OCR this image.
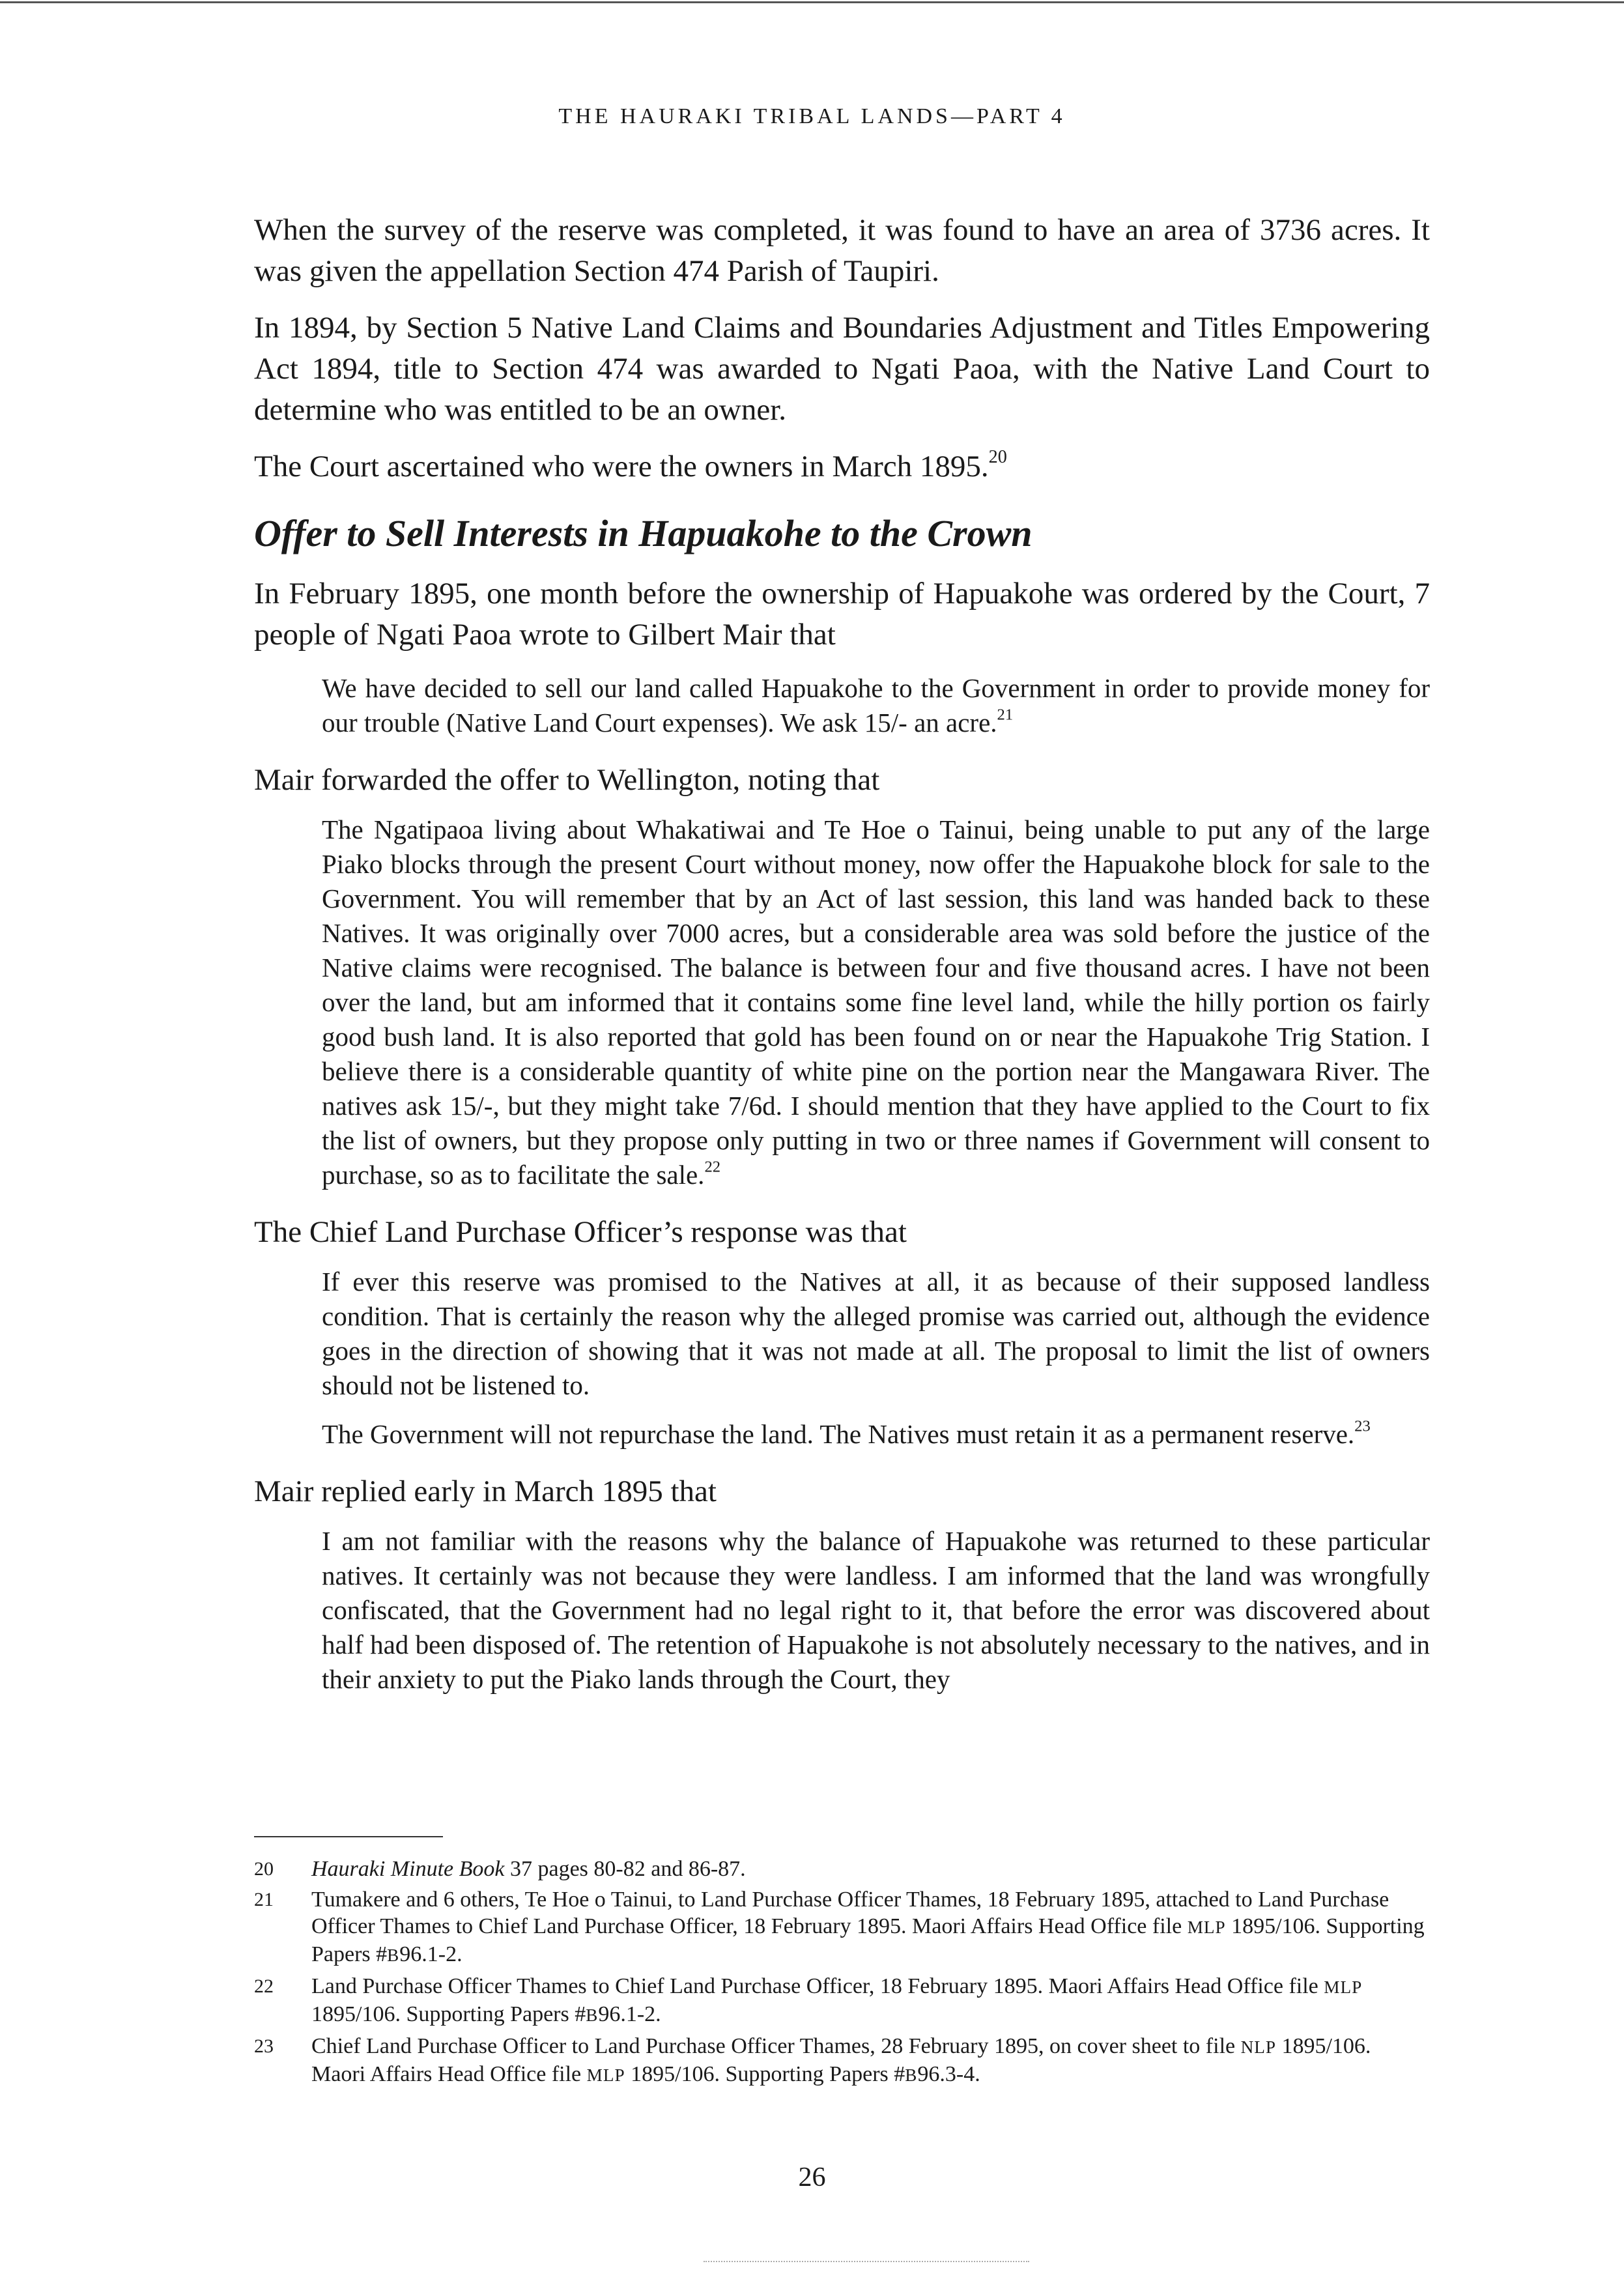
THE HAURAKI TRIBAL LANDS—PART 4

When the survey of the reserve was completed, it was found to have an area of 3736 acres. It was given the appellation Section 474 Parish of Taupiri.

In 1894, by Section 5 Native Land Claims and Boundaries Adjustment and Titles Empowering Act 1894, title to Section 474 was awarded to Ngati Paoa, with the Native Land Court to determine who was entitled to be an owner.

The Court ascertained who were the owners in March 1895.20

Offer to Sell Interests in Hapuakohe to the Crown

In February 1895, one month before the ownership of Hapuakohe was ordered by the Court, 7 people of Ngati Paoa wrote to Gilbert Mair that

We have decided to sell our land called Hapuakohe to the Government in order to provide money for our trouble (Native Land Court expenses). We ask 15/- an acre.$^{21}$

Mair forwarded the offer to Wellington, noting that

The Ngatipaoa living about Whakatiwai and Te Hoe o Tainui, being unable to put any of the large Piako blocks through the present Court without money, now offer the Hapuakohe block for sale to the Government. You will remember that by an Act of last session, this land was handed back to these Natives. It was originally over 7000 acres, but a considerable area was sold before the justice of the Native claims were recognised. The balance is between four and five thousand acres. I have not been over the land, but am informed that it contains some fine level land, while the hilly portion os fairly good bush land. It is also reported that gold has been found on or near the Hapuakohe Trig Station. I believe there is a considerable quantity of white pine on the portion near the Mangawara River. The natives ask 15/-, but they might take 7/6d. I should mention that they have applied to the Court to fix the list of owners, but they propose only putting in two or three names if Government will consent to purchase, so as to facilitate the sale.$^{22}$

The Chief Land Purchase Officer’s response was that

If ever this reserve was promised to the Natives at all, it as because of their supposed landless condition. That is certainly the reason why the alleged promise was carried out, although the evidence goes in the direction of showing that it was not made at all. The proposal to limit the list of owners should not be listened to.

The Government will not repurchase the land. The Natives must retain it as a permanent reserve.$^{23}$

Mair replied early in March 1895 that

I am not familiar with the reasons why the balance of Hapuakohe was returned to these particular natives. It certainly was not because they were landless. I am informed that the land was wrongfully confiscated, that the Government had no legal right to it, that before the error was discovered about half had been disposed of. The retention of Hapuakohe is not absolutely necessary to the natives, and in their anxiety to put the Piako lands through the Court, they

20	Hauraki Minute Book 37 pages 80-82 and 86-87.
21	Tumakere and 6 others, Te Hoe o Tainui, to Land Purchase Officer Thames, 18 February 1895, attached to Land Purchase Officer Thames to Chief Land Purchase Officer, 18 February 1895. Maori Affairs Head Office file MLP 1895/106. Supporting Papers #B96.1-2.
22	Land Purchase Officer Thames to Chief Land Purchase Officer, 18 February 1895. Maori Affairs Head Office file MLP 1895/106. Supporting Papers #B96.1-2.
23	Chief Land Purchase Officer to Land Purchase Officer Thames, 28 February 1895, on cover sheet to file NLP 1895/106. Maori Affairs Head Office file MLP 1895/106. Supporting Papers #B96.3-4.
26
